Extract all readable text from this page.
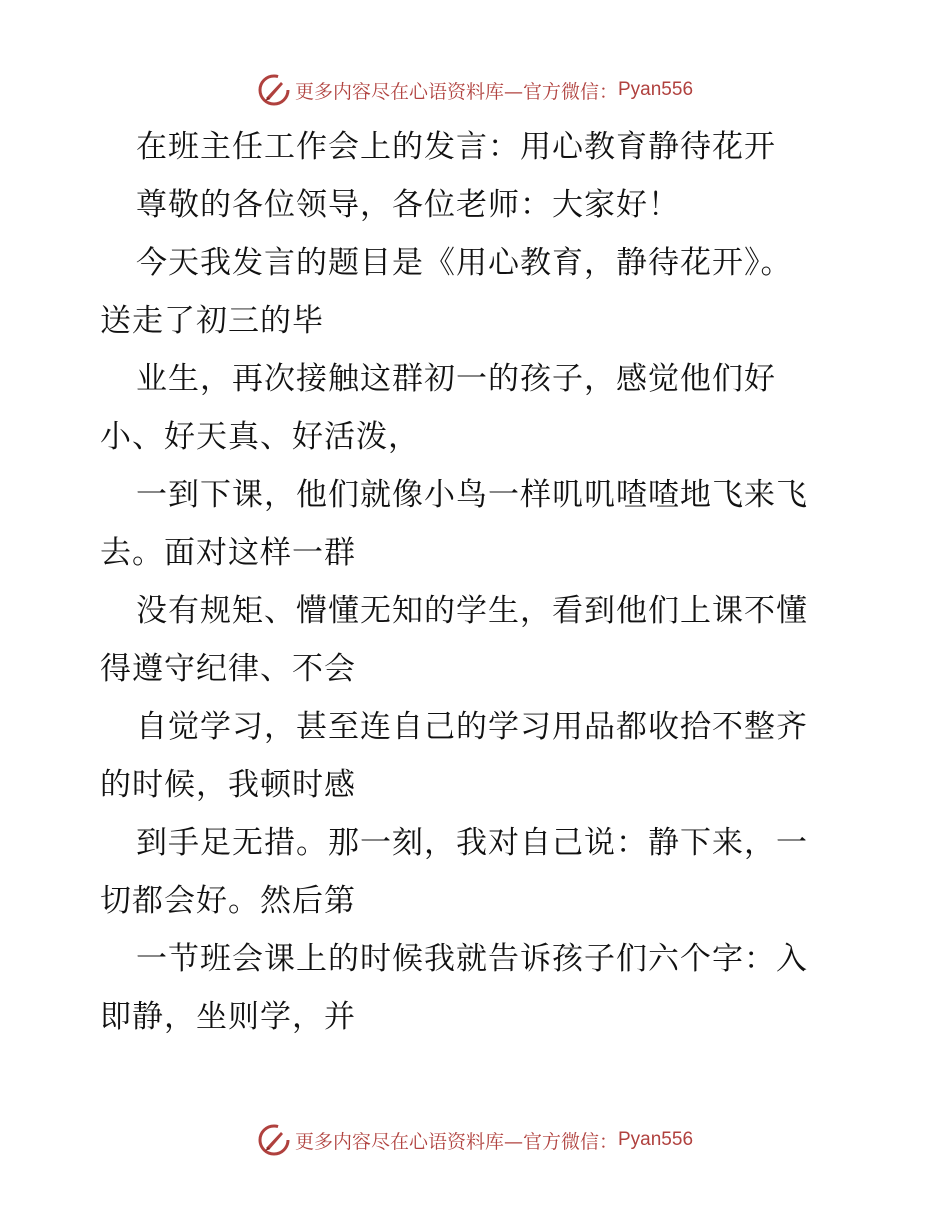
更多内容尽在心语资料库—官方微信： Pyan556
在班主任工作会上的发言：用心教育静待花开
尊敬的各位领导，各位老师：大家好！
今天我发言的题目是《用心教育，静待花开》。
送走了初三的毕
业生，再次接触这群初一的孩子，感觉他们好
小、好天真、好活泼，
一到下课，他们就像小鸟一样叽叽喳喳地飞来飞
去。面对这样一群
没有规矩、懵懂无知的学生，看到他们上课不懂
得遵守纪律、不会
自觉学习，甚至连自己的学习用品都收拾不整齐
的时候，我顿时感
到手足无措。那一刻，我对自己说：静下来，一
切都会好。然后第
一节班会课上的时候我就告诉孩子们六个字：入
即静，坐则学，并
更多内容尽在心语资料库—官方微信： Pyan556
